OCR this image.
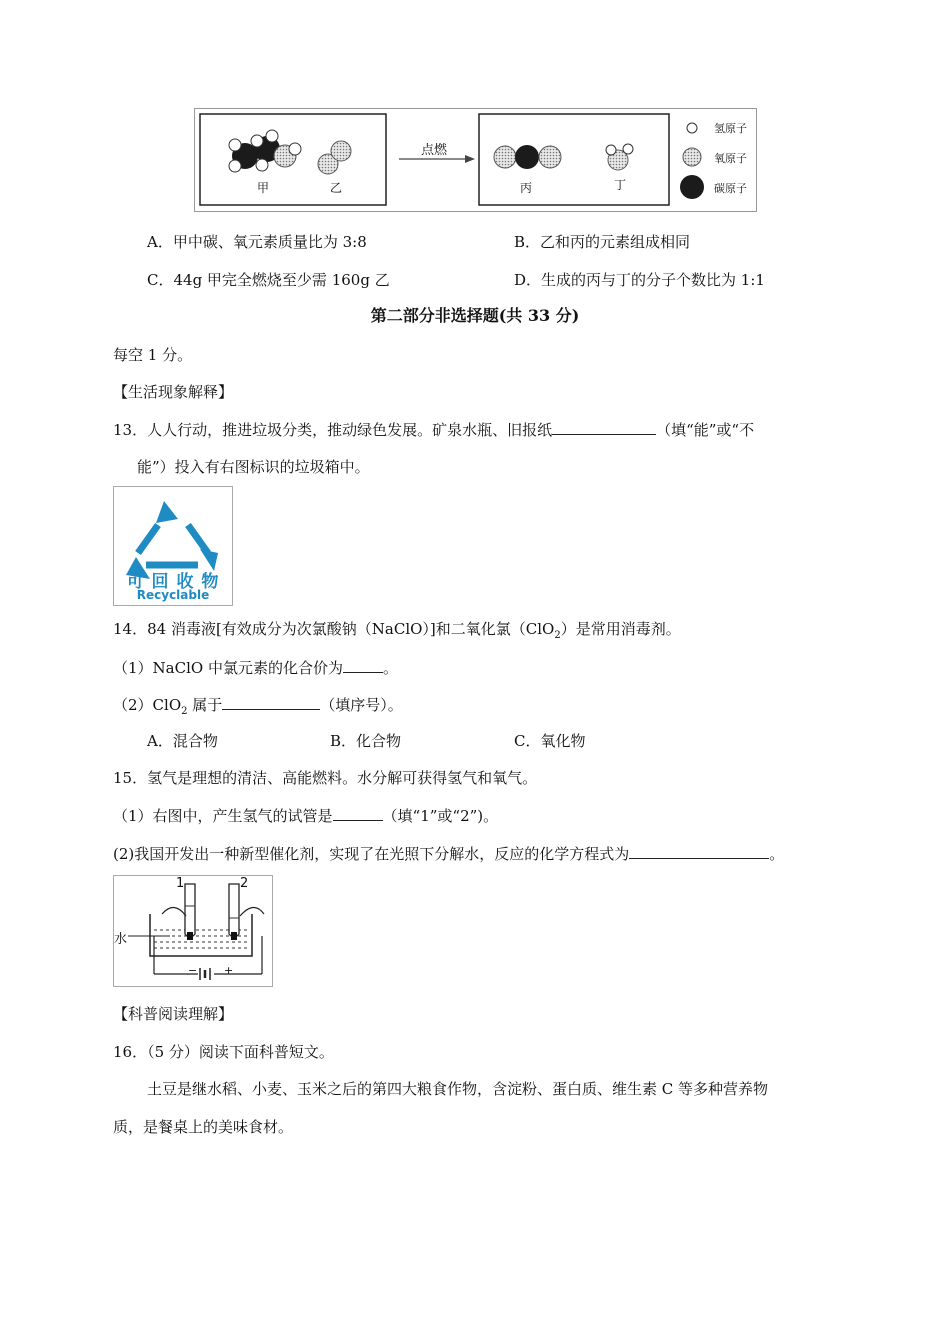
甲	乙
点燃
丙	丁
氢原子
氧原子
碳原子
A．甲中碳、氧元素质量比为 3:8	B．乙和丙的元素组成相同
C．44g 甲完全燃烧至少需 160g 乙	D．生成的丙与丁的分子个数比为 1:1
第二部分非选择题(共 33 分)
每空 1 分。
【生活现象解释】
13．人人行动，推进垃圾分类，推动绿色发展。矿泉水瓶、旧报纸	（填“能”或“不
能”）投入有右图标识的垃圾箱中。
可 回 收 物
Recyclable
14．84 消毒液[有效成分为次氯酸钠（NaClO）]和二氧化氯（ClO$_2$）是常用消毒剂。
（1）NaClO 中氯元素的化合价为	。
（2）ClO$_2$ 属于	（填序号）。
A．混合物	B．化合物	C．氧化物
15．氢气是理想的清洁、高能燃料。水分解可获得氢气和氧气。
（1）右图中，产生氢气的试管是	（填“1”或“2”)。
(2)我国开发出一种新型催化剂，实现了在光照下分解水，反应的化学方程式为	。
1	2
水
− +
【科普阅读理解】
16．（5 分）阅读下面科普短文。
土豆是继水稻、小麦、玉米之后的第四大粮食作物，含淀粉、蛋白质、维生素 C 等多种营养物
质，是餐桌上的美味食材。
